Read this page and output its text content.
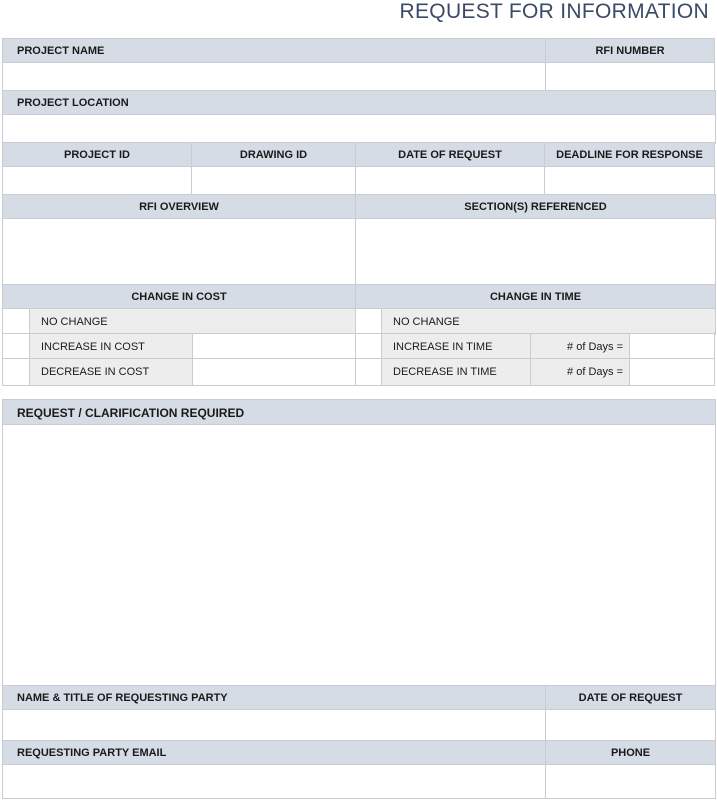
REQUEST FOR INFORMATION
PROJECT NAME	RFI NUMBER
PROJECT LOCATION
PROJECT ID	DRAWING ID	DATE OF REQUEST	DEADLINE FOR RESPONSE
RFI OVERVIEW	SECTION(S) REFERENCED
CHANGE IN COST	CHANGE IN TIME
NO CHANGE	NO CHANGE
INCREASE IN COST	INCREASE IN TIME	# of Days =
DECREASE IN COST	DECREASE IN TIME	# of Days =
REQUEST / CLARIFICATION REQUIRED
NAME & TITLE OF REQUESTING PARTY	DATE OF REQUEST
REQUESTING PARTY EMAIL	PHONE
